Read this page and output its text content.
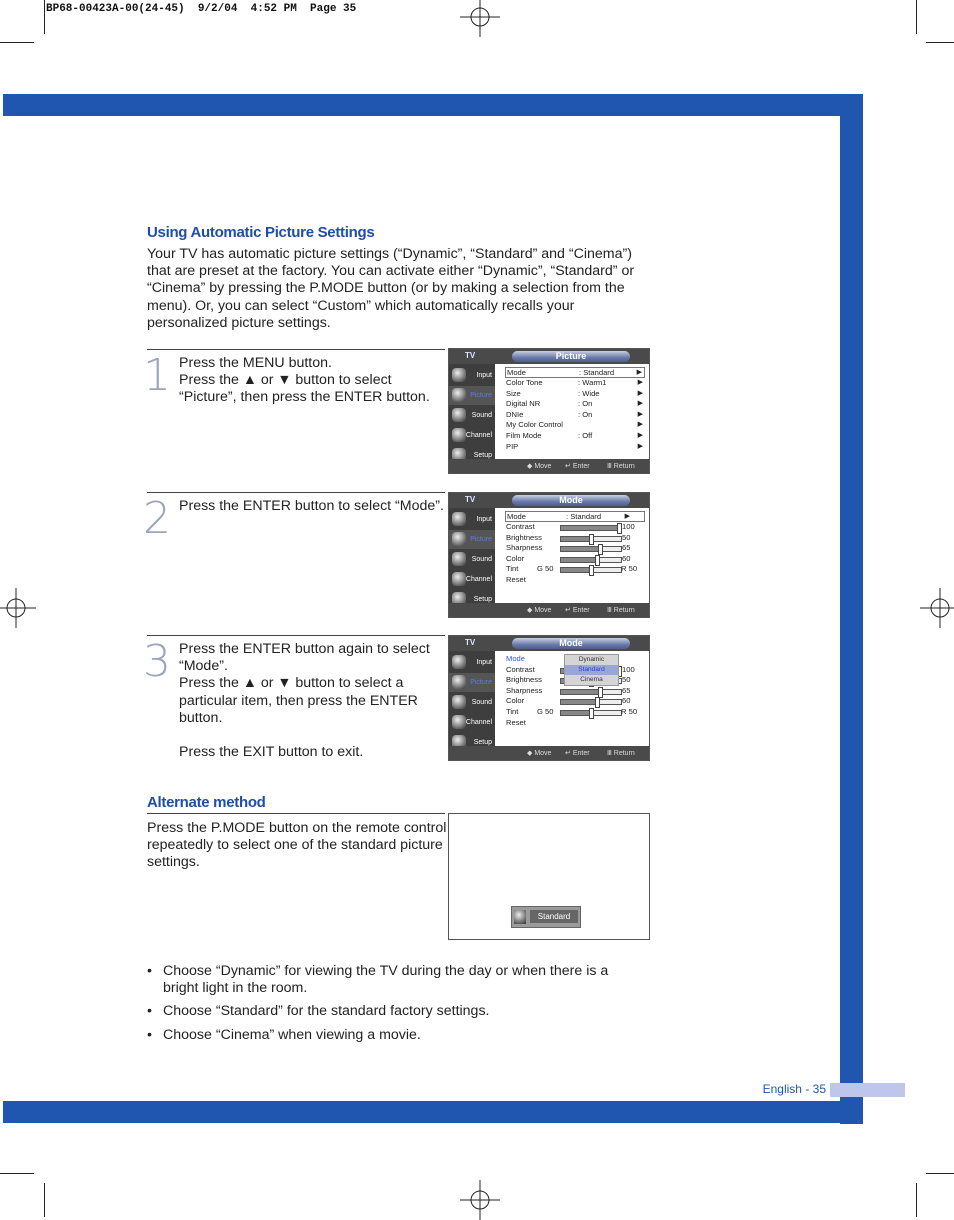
BP68-00423A-00(24-45)  9/2/04  4:52 PM  Page 35
Using Automatic Picture Settings
Your TV has automatic picture settings (“Dynamic”, “Standard” and “Cinema”)
that are preset at the factory. You can activate either “Dynamic”, “Standard” or
“Cinema” by pressing the P.MODE button (or by making a selection from the
menu). Or, you can select “Custom” which automatically recalls your
personalized picture settings.
1 Press the MENU button.
Press the ▲ or ▼ button to select
“Picture”, then press the ENTER button.
TV	Picture
Input
Picture
Sound
Channel
Setup
Mode	: Standard	▶
Color Tone	: Warm1	▶
Size	: Wide	▶
Digital NR	: On	▶
DNIe	: On	▶
My Color Control	▶
Film Mode	: Off	▶
PIP	▶
◆ Move ↵ Enter Ⅲ Return
2 Press the ENTER button to select “Mode”.	TV	Mode
Input
Picture
Sound
Channel
Setup
Mode	: Standard	▶
Contrast	100
Brightness	50
Sharpness	65
Color	60
Tint G 50	R 50
Reset
◆ Move ↵ Enter Ⅲ Return
3 Press the ENTER button again to select
“Mode”.
Press the ▲ or ▼ button to select a
particular item, then press the ENTER
button.
Press the EXIT button to exit.
TV	Mode
Input
Picture
Sound
Channel
Setup
Mode
Contrast	100
Brightness	50
Sharpness	65
Color	60
Tint G 50	R 50
Reset
Dynamic
Standard
Cinema
◆ Move ↵ Enter Ⅲ Return
Alternate method
Press the P.MODE button on the remote control
repeatedly to select one of the standard picture
settings.
Standard
• Choose “Dynamic” for viewing the TV during the day or when there is a bright light in the room.
• Choose “Standard” for the standard factory settings.
• Choose “Cinema” when viewing a movie.
English - 35
